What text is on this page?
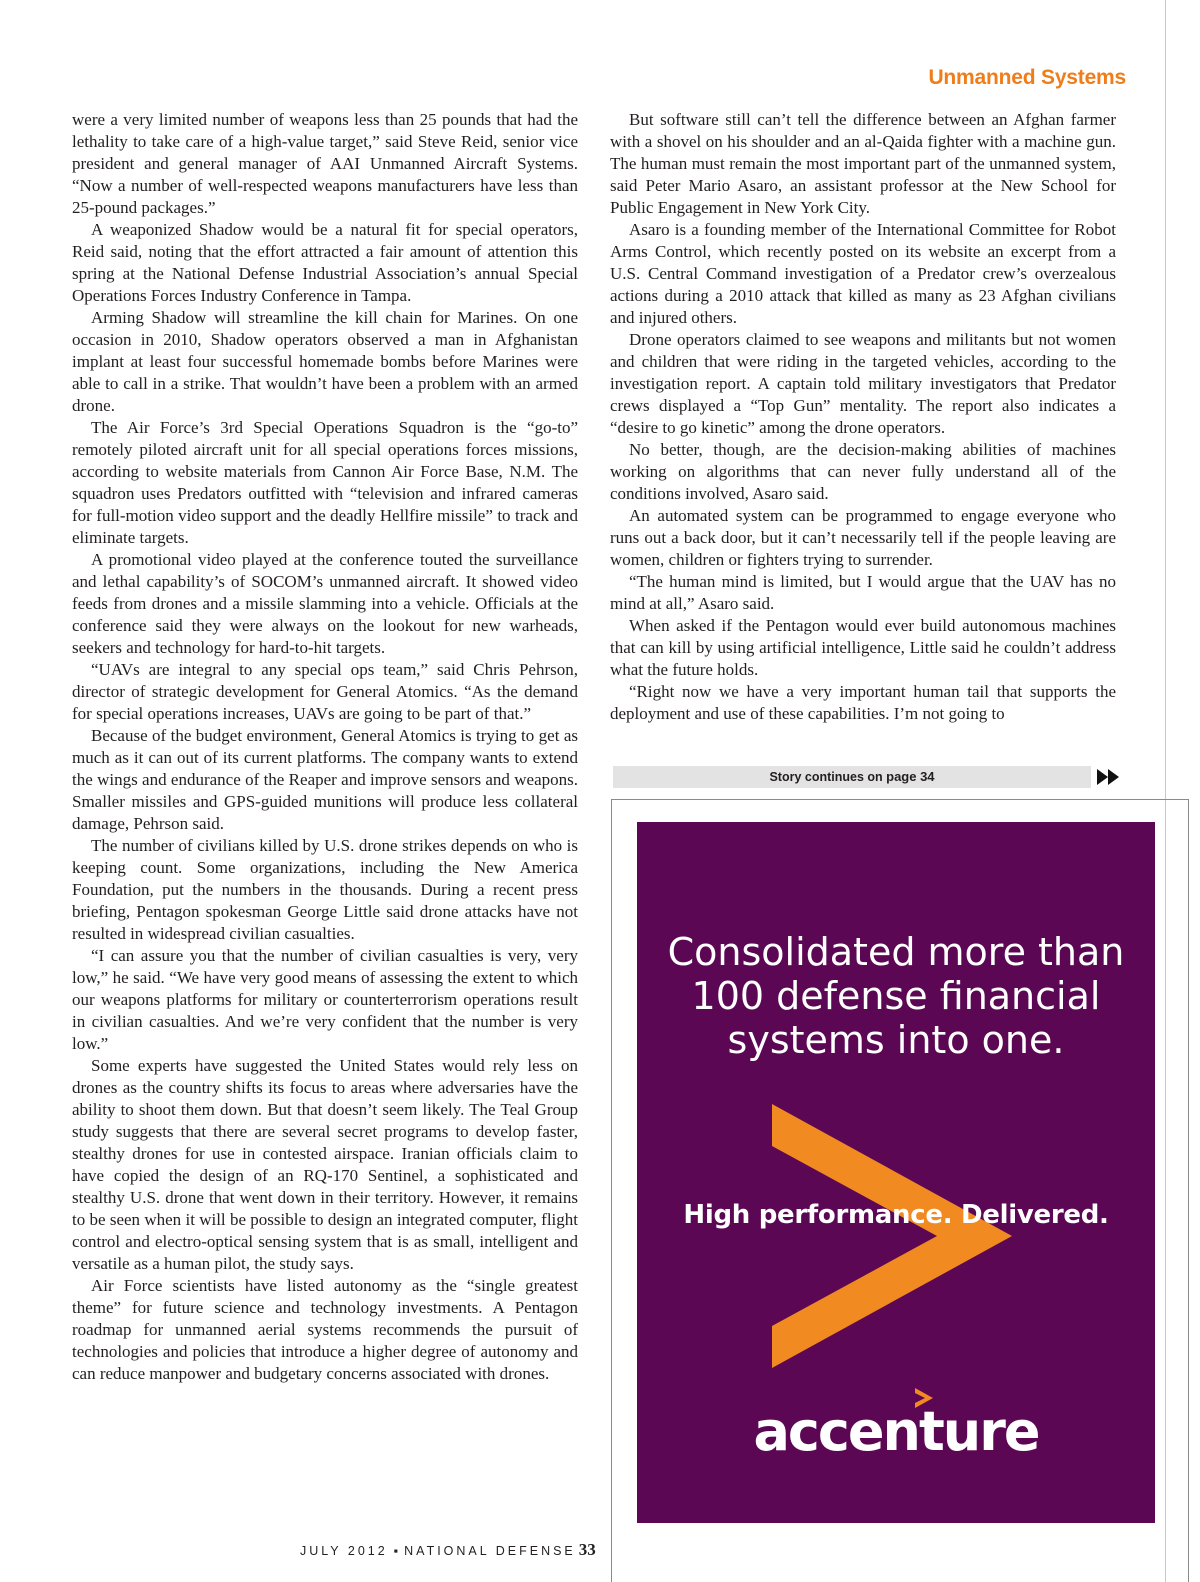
Unmanned Systems

were a very limited number of weapons less than 25 pounds that had the lethality to take care of a high-value target,” said Steve Reid, senior vice president and general manager of AAI Unmanned Aircraft Systems. “Now a number of well-respected weapons manufacturers have less than 25-pound packages.”

A weaponized Shadow would be a natural fit for special operators, Reid said, noting that the effort attracted a fair amount of attention this spring at the National Defense Industrial Association’s annual Special Operations Forces Industry Conference in Tampa.

Arming Shadow will streamline the kill chain for Marines. On one occasion in 2010, Shadow operators observed a man in Afghanistan implant at least four successful homemade bombs before Marines were able to call in a strike. That wouldn’t have been a problem with an armed drone.

The Air Force’s 3rd Special Operations Squadron is the “go-to” remotely piloted aircraft unit for all special operations forces missions, according to website materials from Cannon Air Force Base, N.M. The squadron uses Predators outfitted with “television and infrared cameras for full-motion video support and the deadly Hellfire missile” to track and eliminate targets.

A promotional video played at the conference touted the surveillance and lethal capability’s of SOCOM’s unmanned aircraft. It showed video feeds from drones and a missile slamming into a vehicle. Officials at the conference said they were always on the lookout for new warheads, seekers and technology for hard-to-hit targets.

“UAVs are integral to any special ops team,” said Chris Pehrson, director of strategic development for General Atomics. “As the demand for special operations increases, UAVs are going to be part of that.”

Because of the budget environment, General Atomics is trying to get as much as it can out of its current platforms. The company wants to extend the wings and endurance of the Reaper and improve sensors and weapons. Smaller missiles and GPS-guided munitions will produce less collateral damage, Pehrson said.

The number of civilians killed by U.S. drone strikes depends on who is keeping count. Some organizations, including the New America Foundation, put the numbers in the thousands. During a recent press briefing, Pentagon spokesman George Little said drone attacks have not resulted in widespread civilian casualties.

“I can assure you that the number of civilian casualties is very, very low,” he said. “We have very good means of assessing the extent to which our weapons platforms for military or counterterrorism operations result in civilian casualties. And we’re very confident that the number is very low.”

Some experts have suggested the United States would rely less on drones as the country shifts its focus to areas where adversaries have the ability to shoot them down. But that doesn’t seem likely. The Teal Group study suggests that there are several secret programs to develop faster, stealthy drones for use in contested airspace. Iranian officials claim to have copied the design of an RQ-170 Sentinel, a sophisticated and stealthy U.S. drone that went down in their territory. However, it remains to be seen when it will be possible to design an integrated computer, flight control and electro-optical sensing system that is as small, intelligent and versatile as a human pilot, the study says.

Air Force scientists have listed autonomy as the “single greatest theme” for future science and technology investments. A Pentagon roadmap for unmanned aerial systems recommends the pursuit of technologies and policies that introduce a higher degree of autonomy and can reduce manpower and budgetary concerns associated with drones.

But software still can’t tell the difference between an Afghan farmer with a shovel on his shoulder and an al-Qaida fighter with a machine gun. The human must remain the most important part of the unmanned system, said Peter Mario Asaro, an assistant professor at the New School for Public Engagement in New York City.

Asaro is a founding member of the International Committee for Robot Arms Control, which recently posted on its website an excerpt from a U.S. Central Command investigation of a Predator crew’s overzealous actions during a 2010 attack that killed as many as 23 Afghan civilians and injured others.

Drone operators claimed to see weapons and militants but not women and children that were riding in the targeted vehicles, according to the investigation report. A captain told military investigators that Predator crews displayed a “Top Gun” mentality. The report also indicates a “desire to go kinetic” among the drone operators.

No better, though, are the decision-making abilities of machines working on algorithms that can never fully understand all of the conditions involved, Asaro said.

An automated system can be programmed to engage everyone who runs out a back door, but it can’t necessarily tell if the people leaving are women, children or fighters trying to surrender.

“The human mind is limited, but I would argue that the UAV has no mind at all,” Asaro said.

When asked if the Pentagon would ever build autonomous machines that can kill by using artificial intelligence, Little said he couldn’t address what the future holds.

“Right now we have a very important human tail that supports the deployment and use of these capabilities. I’m not going to

Story continues on page 34
Consolidated more than
100 defense financial
systems into one.
High performance. Delivered.
accenture
JULY 2012 ▪ NATIONAL DEFENSE 33
